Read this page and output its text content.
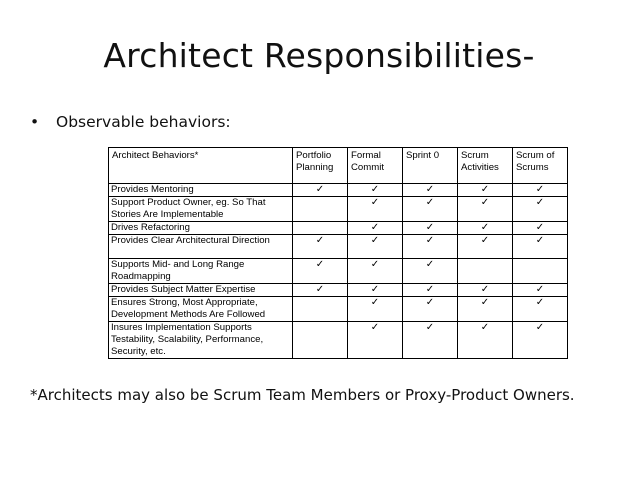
Architect Responsibilities-
• Observable behaviors:
Architect Behaviors*	Portfolio Planning	Formal Commit	Sprint 0	Scrum Activities	Scrum of Scrums
Provides Mentoring	✓	✓	✓	✓	✓
Support Product Owner, eg. So That Stories Are Implementable		✓	✓	✓	✓
Drives Refactoring		✓	✓	✓	✓
Provides Clear Architectural Direction	✓	✓	✓	✓	✓
Supports Mid- and Long Range Roadmapping	✓	✓	✓		
Provides Subject Matter Expertise	✓	✓	✓	✓	✓
Ensures Strong, Most Appropriate, Development Methods Are Followed		✓	✓	✓	✓
Insures Implementation Supports Testability, Scalability, Performance, Security, etc.		✓	✓	✓	✓
*Architects may also be Scrum Team Members or Proxy-Product Owners.
